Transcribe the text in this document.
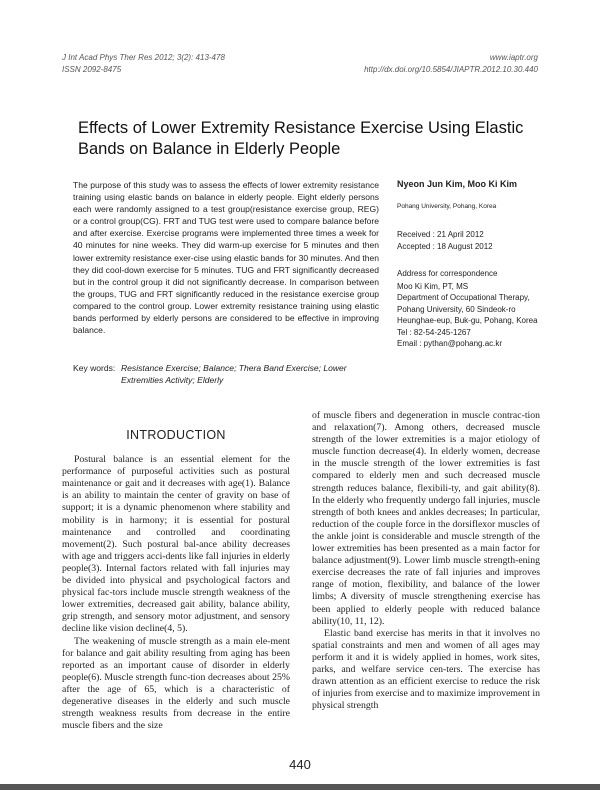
J Int Acad Phys Ther Res 2012; 3(2): 413-478
ISSN 2092-8475
www.iaptr.org
http://dx.doi.org/10.5854/JIAPTR.2012.10.30.440
Effects of Lower Extremity Resistance Exercise Using Elastic Bands on Balance in Elderly People
The purpose of this study was to assess the effects of lower extremity resistance training using elastic bands on balance in elderly people. Eight elderly persons each were randomly assigned to a test group(resistance exercise group, REG) or a control group(CG). FRT and TUG test were used to compare balance before and after exercise. Exercise programs were implemented three times a week for 40 minutes for nine weeks. They did warm-up exercise for 5 minutes and then lower extremity resistance exer-cise using elastic bands for 30 minutes. And then they did cool-down exercise for 5 minutes. TUG and FRT significantly decreased but in the control group it did not significantly decrease. In comparison between the groups, TUG and FRT significantly reduced in the resistance exercise group compared to the control group. Lower extremity resistance training using elastic bands performed by elderly persons are considered to be effective in improving balance.
Key words: Resistance Exercise; Balance; Thera Band Exercise; Lower Extremities Activity; Elderly
Nyeon Jun Kim, Moo Ki Kim
Pohang University, Pohang, Korea
Received : 21 April 2012
Accepted : 18 August 2012
Address for correspondence
Moo Ki Kim, PT, MS
Department of Occupational Therapy,
Pohang University, 60 Sindeok-ro
Heunghae-eup, Buk-gu, Pohang, Korea
Tel : 82-54-245-1267
Email : pythan@pohang.ac.kr
INTRODUCTION

Postural balance is an essential element for the performance of purposeful activities such as postural maintenance or gait and it decreases with age(1). Balance is an ability to maintain the center of gravity on base of support; it is a dynamic phenomenon where stability and mobility is in harmony; it is essential for postural maintenance and controlled and coordinating movement(2). Such postural bal-ance ability decreases with age and triggers acci-dents like fall injuries in elderly people(3). Internal factors related with fall injuries may be divided into physical and psychological factors and physical fac-tors include muscle strength weakness of the lower extremities, decreased gait ability, balance ability, grip strength, and sensory motor adjustment, and sensory decline like vision decline(4, 5).

The weakening of muscle strength as a main ele-ment for balance and gait ability resulting from aging has been reported as an important cause of disorder in elderly people(6). Muscle strength func-tion decreases about 25% after the age of 65, which is a characteristic of degenerative diseases in the elderly and such muscle strength weakness results from decrease in the entire muscle fibers and the size

of muscle fibers and degeneration in muscle contrac-tion and relaxation(7). Among others, decreased muscle strength of the lower extremities is a major etiology of muscle function decrease(4). In elderly women, decrease in the muscle strength of the lower extremities is fast compared to elderly men and such decreased muscle strength reduces balance, flexibili-ty, and gait ability(8). In the elderly who frequently undergo fall injuries, muscle strength of both knees and ankles decreases; In particular, reduction of the couple force in the dorsiflexor muscles of the ankle joint is considerable and muscle strength of the lower extremities has been presented as a main factor for balance adjustment(9). Lower limb muscle strength-ening exercise decreases the rate of fall injuries and improves range of motion, flexibility, and balance of the lower limbs; A diversity of muscle strengthening exercise has been applied to elderly people with reduced balance ability(10, 11, 12).

Elastic band exercise has merits in that it involves no spatial constraints and men and women of all ages may perform it and it is widely applied in homes, work sites, parks, and welfare service cen-ters. The exercise has drawn attention as an efficient exercise to reduce the risk of injuries from exercise and to maximize improvement in physical strength

440
